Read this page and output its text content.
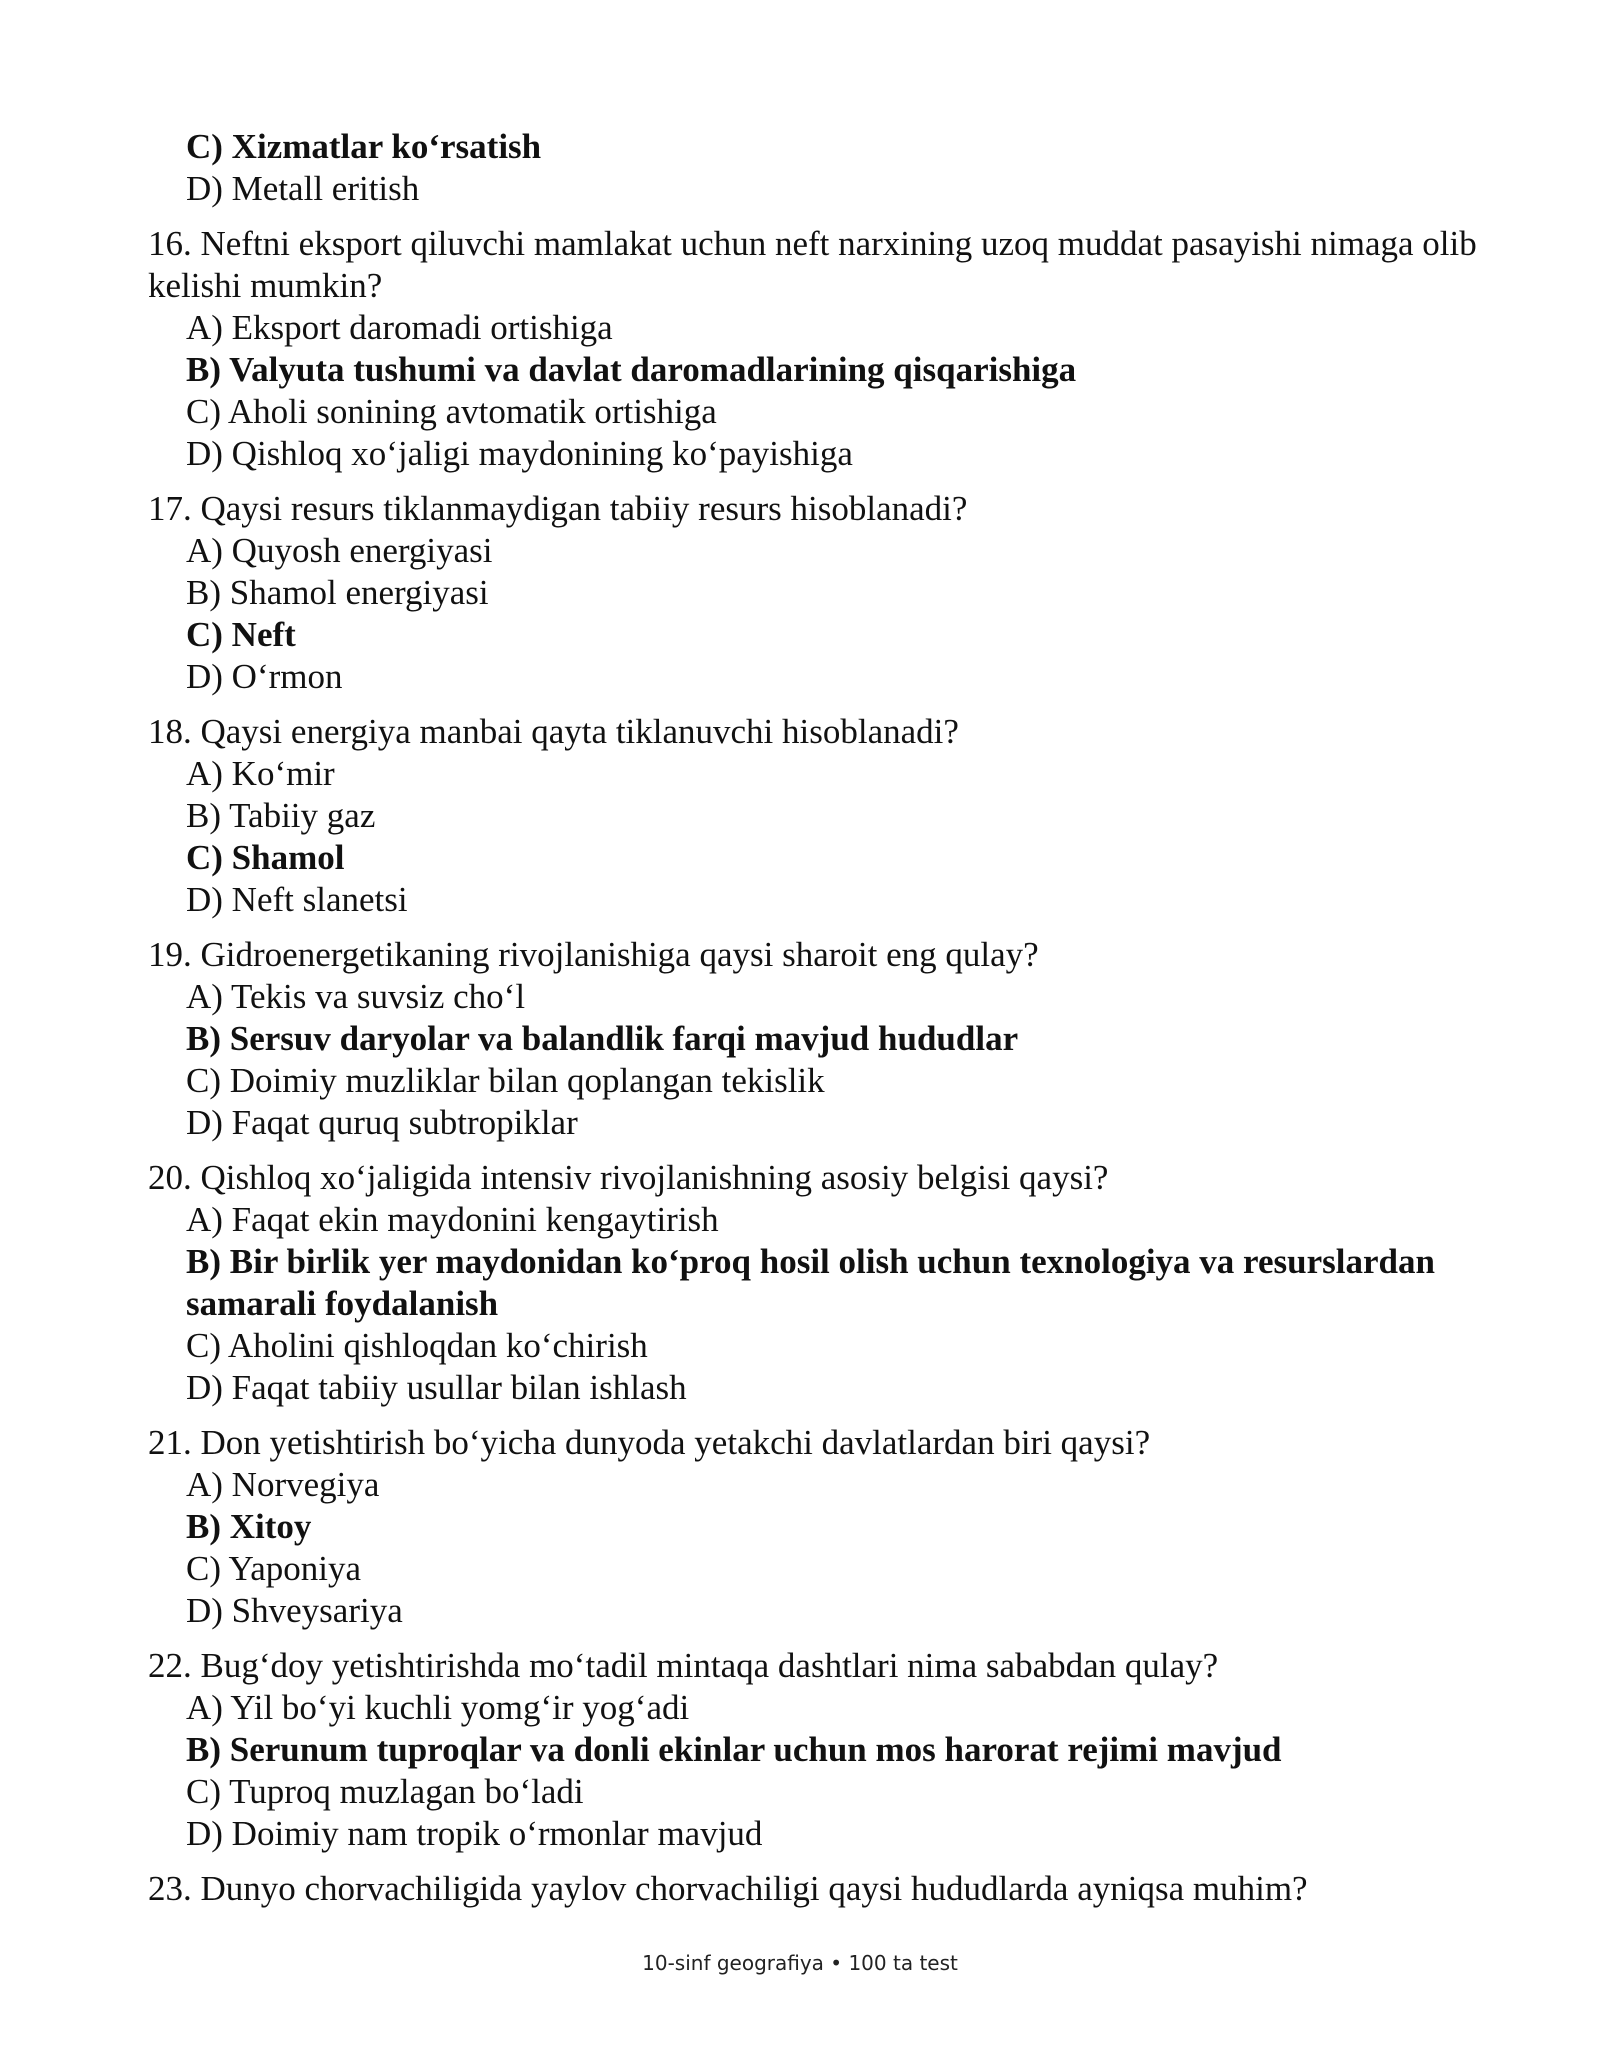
C) Xizmatlar ko‘rsatish
D) Metall eritish

16. Neftni eksport qiluvchi mamlakat uchun neft narxining uzoq muddat pasayishi nimaga olib kelishi mumkin?

A) Eksport daromadi ortishiga
B) Valyuta tushumi va davlat daromadlarining qisqarishiga
C) Aholi sonining avtomatik ortishiga
D) Qishloq xo‘jaligi maydonining ko‘payishiga

17. Qaysi resurs tiklanmaydigan tabiiy resurs hisoblanadi?

A) Quyosh energiyasi
B) Shamol energiyasi
C) Neft
D) O‘rmon

18. Qaysi energiya manbai qayta tiklanuvchi hisoblanadi?

A) Ko‘mir
B) Tabiiy gaz
C) Shamol
D) Neft slanetsi

19. Gidroenergetikaning rivojlanishiga qaysi sharoit eng qulay?

A) Tekis va suvsiz cho‘l
B) Sersuv daryolar va balandlik farqi mavjud hududlar
C) Doimiy muzliklar bilan qoplangan tekislik
D) Faqat quruq subtropiklar

20. Qishloq xo‘jaligida intensiv rivojlanishning asosiy belgisi qaysi?

A) Faqat ekin maydonini kengaytirish
B) Bir birlik yer maydonidan ko‘proq hosil olish uchun texnologiya va resurslardan samarali foydalanish
C) Aholini qishloqdan ko‘chirish
D) Faqat tabiiy usullar bilan ishlash

21. Don yetishtirish bo‘yicha dunyoda yetakchi davlatlardan biri qaysi?

A) Norvegiya
B) Xitoy
C) Yaponiya
D) Shveysariya

22. Bug‘doy yetishtirishda mo‘tadil mintaqa dashtlari nima sababdan qulay?

A) Yil bo‘yi kuchli yomg‘ir yog‘adi
B) Serunum tuproqlar va donli ekinlar uchun mos harorat rejimi mavjud
C) Tuproq muzlagan bo‘ladi
D) Doimiy nam tropik o‘rmonlar mavjud

23. Dunyo chorvachiligida yaylov chorvachiligi qaysi hududlarda ayniqsa muhim?

10-sinf geografiya • 100 ta test
